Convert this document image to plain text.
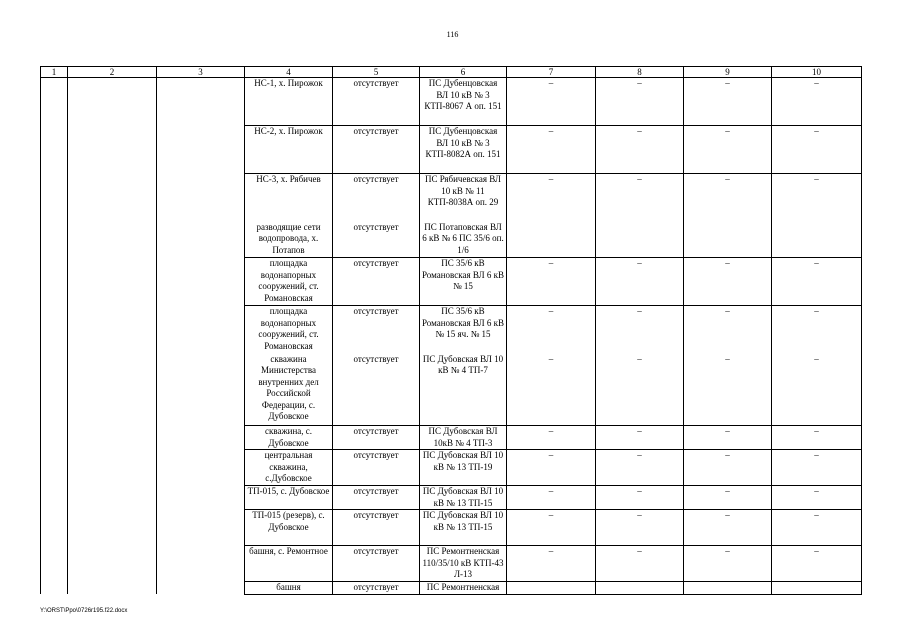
116
1	2	3	4	5	6	7	8	9	10
			НС-1, х. Пирожок	отсутствует	ПС Дубенцовская ВЛ 10 кВ № 3 КТП-8067 А оп. 151	–	–	–	–
			НС-2, х. Пирожок	отсутствует	ПС Дубенцовская ВЛ 10 кВ № 3 КТП-8082А оп. 151	–	–	–	–
			НС-3, х. Рябичев	отсутствует	ПС Рябичевская ВЛ 10 кВ № 11 КТП-8038А оп. 29	–	–	–	–
			разводящие сети водопровода, х. Потапов	отсутствует	ПС Потаповская ВЛ 6 кВ № 6 ПС 35/6 оп. 1/6				
			площадка водонапорных сооружений, ст. Романовская	отсутствует	ПС 35/6 кВ Романовская ВЛ 6 кВ № 15	–	–	–	–
			площадка водонапорных сооружений, ст. Романовская	отсутствует	ПС 35/6 кВ Романовская ВЛ 6 кВ № 15 яч. № 15	–	–	–	–
			скважина Министерства внутренних дел Российской Федерации, с. Дубовское	отсутствует	ПС Дубовская ВЛ 10 кВ № 4 ТП-7	–	–	–	–
			скважина, с. Дубовское	отсутствует	ПС Дубовская ВЛ 10кВ № 4 ТП-3	–	–	–	–
			центральная скважина, с.Дубовское	отсутствует	ПС Дубовская ВЛ 10 кВ № 13 ТП-19	–	–	–	–
			ТП-015, с. Дубовское	отсутствует	ПС Дубовская ВЛ 10 кВ № 13 ТП-15	–	–	–	–
			ТП-015 (резерв), с. Дубовское	отсутствует	ПС Дубовская ВЛ 10 кВ № 13 ТП-15	–	–	–	–
			башня, с. Ремонтное	отсутствует	ПС Ремонтненская 110/35/10 кВ КТП-43 Л-13	–	–	–	–
			башня	отсутствует	ПС Ремонтненская				
Y:\ORST\Ppo\0726r195.f22.docx
